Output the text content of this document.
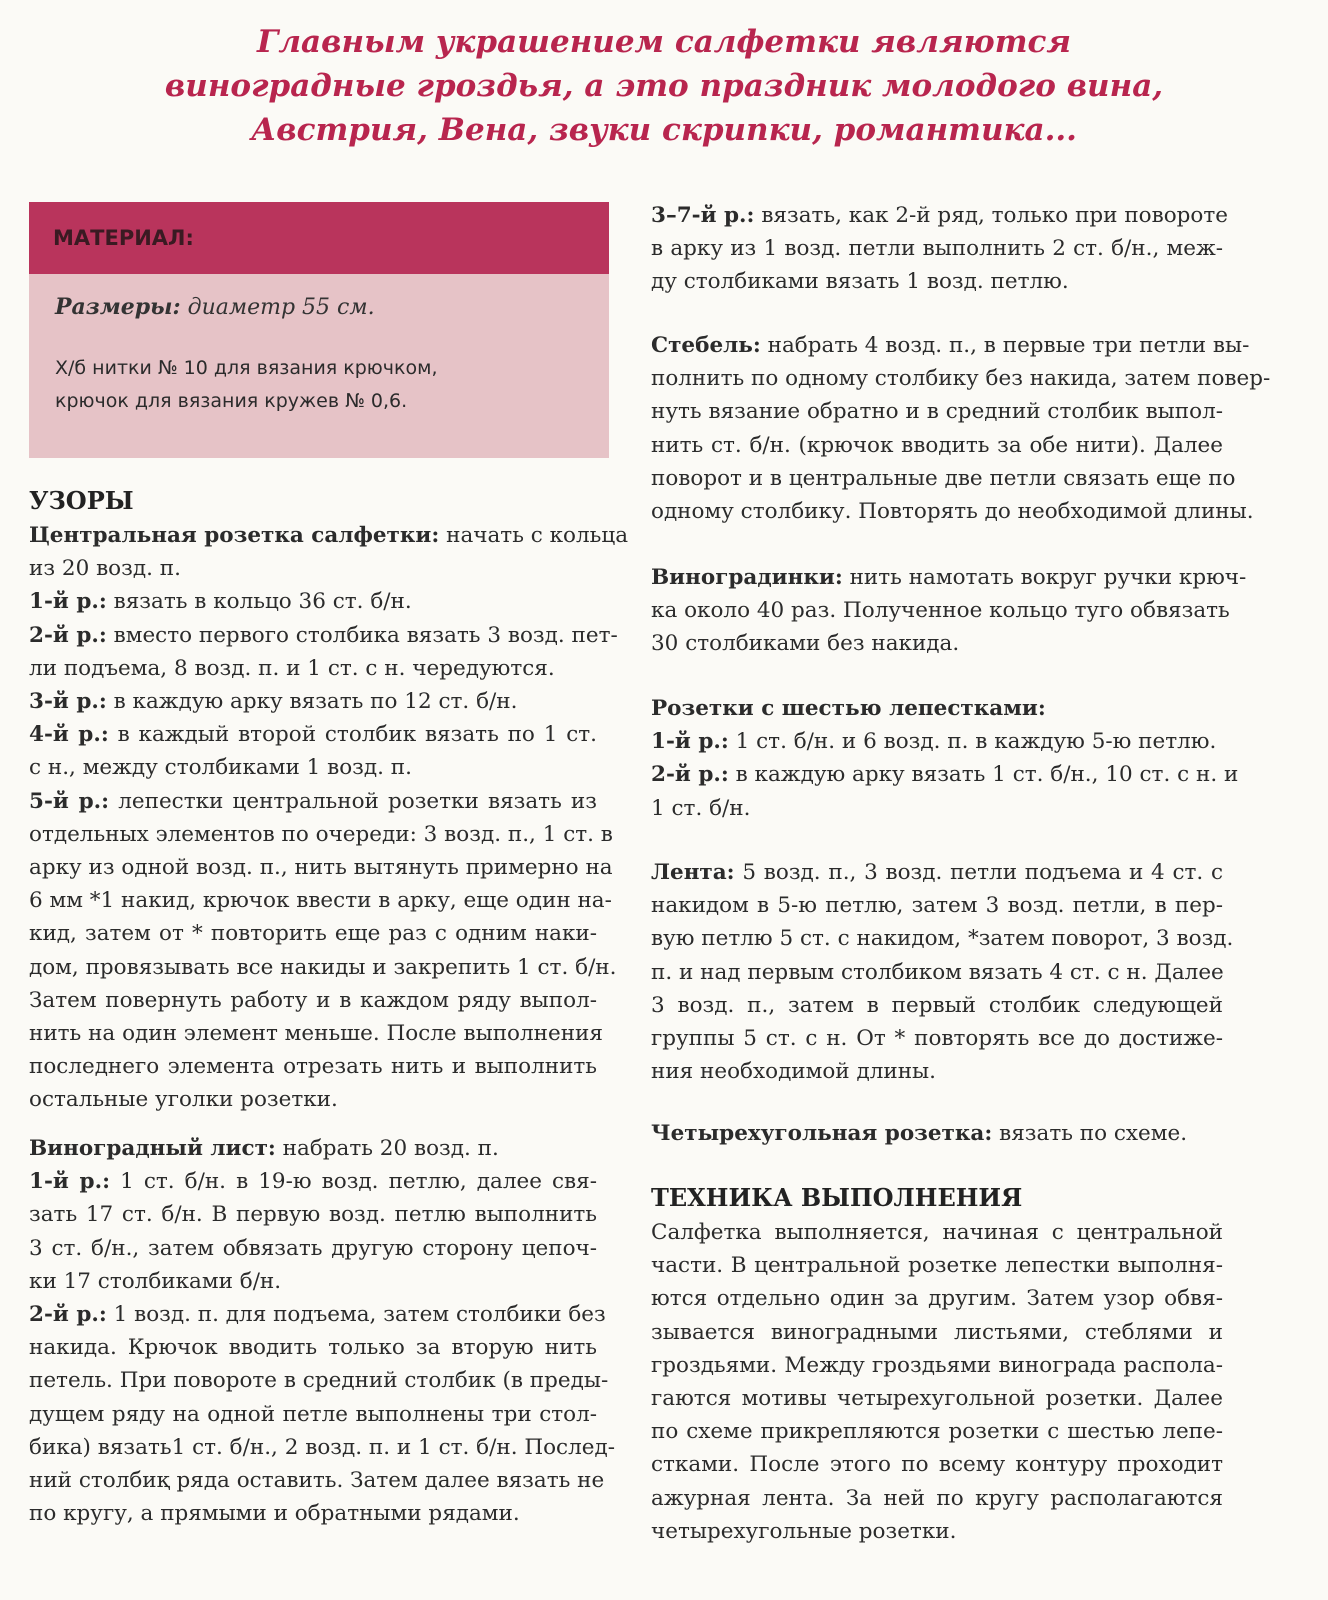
Главным украшением салфетки являются
виноградные гроздья, а это праздник молодого вина,
Австрия, Вена, звуки скрипки, романтика...
МАТЕРИАЛ:
Размеры: диаметр 55 см.
Х/б нитки № 10 для вязания крючком,
крючок для вязания кружев № 0,6.
УЗОРЫ
Центральная розетка салфетки: начать с кольца
из 20 возд. п.
1-й р.: вязать в кольцо 36 ст. б/н.
2-й р.: вместо первого столбика вязать 3 возд. пет-
ли подъема, 8 возд. п. и 1 ст. с н. чередуются.
3-й р.: в каждую арку вязать по 12 ст. б/н.
4-й р.: в каждый второй столбик вязать по 1 ст.
с н., между столбиками 1 возд. п.
5-й р.: лепестки центральной розетки вязать из
отдельных элементов по очереди: 3 возд. п., 1 ст. в
арку из одной возд. п., нить вытянуть примерно на
6 мм *1 накид, крючок ввести в арку, еще один на-
кид, затем от * повторить еще раз с одним наки-
дом, провязывать все накиды и закрепить 1 ст. б/н.
Затем повернуть работу и в каждом ряду выпол-
нить на один элемент меньше. После выполнения
последнего элемента отрезать нить и выполнить
остальные уголки розетки.
Виноградный лист: набрать 20 возд. п.
1-й р.: 1 ст. б/н. в 19-ю возд. петлю, далее свя-
зать 17 ст. б/н. В первую возд. петлю выполнить
3 ст. б/н., затем обвязать другую сторону цепоч-
ки 17 столбиками б/н.
2-й р.: 1 возд. п. для подъема, затем столбики без
накида. Крючок вводить только за вторую нить
петель. При повороте в средний столбик (в преды-
дущем ряду на одной петле выполнены три стол-
бика) вязать1 ст. б/н., 2 возд. п. и 1 ст. б/н. Послед-
ний столбиқ ряда оставить. Затем далее вязать не
по кругу, а прямыми и обратными рядами.
3–7-й р.: вязать, как 2-й ряд, только при повороте
в арку из 1 возд. петли выполнить 2 ст. б/н., меж-
ду столбиками вязать 1 возд. петлю.
Стебель: набрать 4 возд. п., в первые три петли вы-
полнить по одному столбику без накида, затем повер-
нуть вязание обратно и в средний столбик выпол-
нить ст. б/н. (крючок вводить за обе нити). Далее
поворот и в центральные две петли связать еще по
одному столбику. Повторять до необходимой длины.
Виноградинки: нить намотать вокруг ручки крюч-
ка около 40 раз. Полученное кольцо туго обвязать
30 столбиками без накида.
Розетки с шестью лепестками:
1-й р.: 1 ст. б/н. и 6 возд. п. в каждую 5-ю петлю.
2-й р.: в каждую арку вязать 1 ст. б/н., 10 ст. с н. и
1 ст. б/н.
Лента: 5 возд. п., 3 возд. петли подъема и 4 ст. с
накидом в 5-ю петлю, затем 3 возд. петли, в пер-
вую петлю 5 ст. с накидом, *затем поворот, 3 возд.
п. и над первым столбиком вязать 4 ст. с н. Далее
3 возд. п., затем в первый столбик следующей
группы 5 ст. с н. От * повторять все до достиже-
ния необходимой длины.
Четырехугольная розетка: вязать по схеме.
ТЕХНИКА ВЫПОЛНЕНИЯ
Салфетка выполняется, начиная с центральной
части. В центральной розетке лепестки выполня-
ются отдельно один за другим. Затем узор обвя-
зывается виноградными листьями, стеблями и
гроздьями. Между гроздьями винограда распола-
гаются мотивы четырехугольной розетки. Далее
по схеме прикрепляются розетки с шестью лепе-
стками. После этого по всему контуру проходит
ажурная лента. За ней по кругу располагаются
четырехугольные розетки.
